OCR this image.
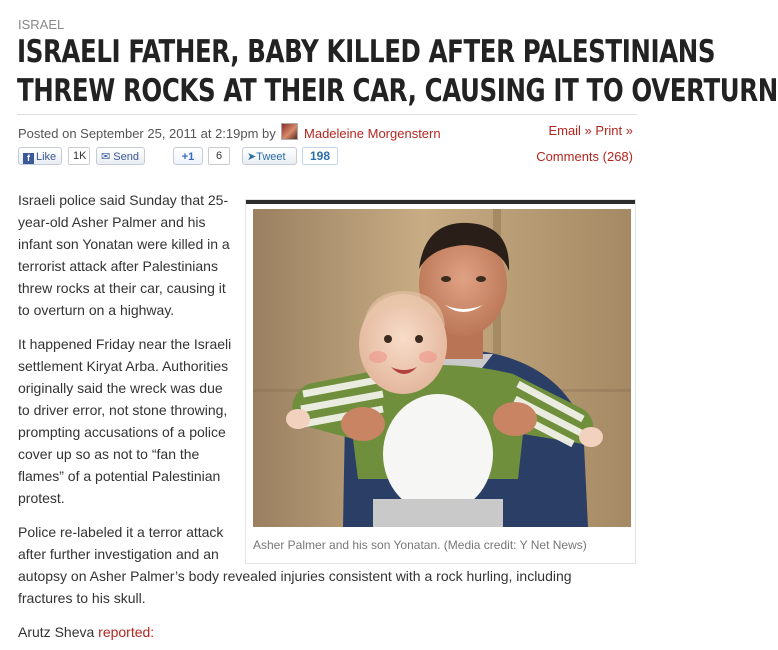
ISRAEL
ISRAELI FATHER, BABY KILLED AFTER PALESTINIANS
THREW ROCKS AT THEIR CAR, CAUSING IT TO OVERTURN
Posted on September 25, 2011 at 2:19pm by Madeleine Morgenstern	Email » Print »
Comments (268)
f Like	1K	✉ Send	+1	6	➤Tweet	198

Israeli police said Sunday that 25-
year-old Asher Palmer and his
infant son Yonatan were killed in a
terrorist attack after Palestinians
threw rocks at their car, causing it
to overturn on a highway.

It happened Friday near the Israeli
settlement Kiryat Arba. Authorities
originally said the wreck was due
to driver error, not stone throwing,
prompting accusations of a police
cover up so as not to “fan the
flames” of a potential Palestinian
protest.

Police re-labeled it a terror attack
after further investigation and an
autopsy on Asher Palmer’s body revealed injuries consistent with a rock hurling, including
fractures to his skull.

Arutz Sheva reported:

Asher Palmer and his son Yonatan. (Media credit: Y Net News)
